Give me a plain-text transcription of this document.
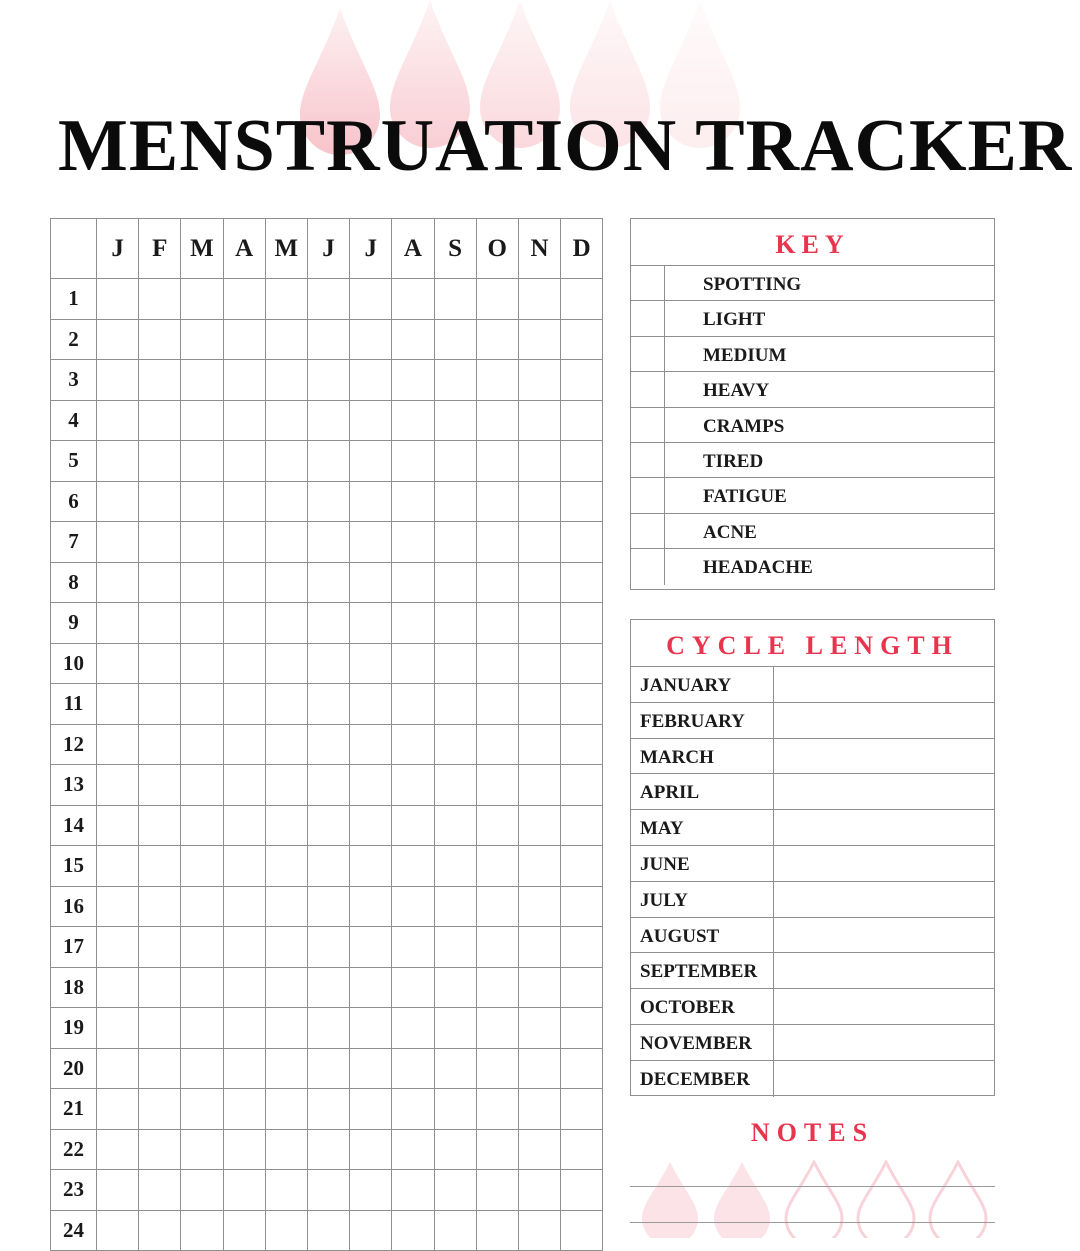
MENSTRUATION TRACKER
	J	F	M	A	M	J	J	A	S	O	N	D
1												
2												
3												
4												
5												
6												
7												
8												
9												
10												
11												
12												
13												
14												
15												
16												
17												
18												
19												
20												
21												
22												
23												
24												
KEY
SPOTTING
LIGHT
MEDIUM
HEAVY
CRAMPS
TIRED
FATIGUE
ACNE
HEADACHE
CYCLE LENGTH
JANUARY
FEBRUARY
MARCH
APRIL
MAY
JUNE
JULY
AUGUST
SEPTEMBER
OCTOBER
NOVEMBER
DECEMBER
NOTES
